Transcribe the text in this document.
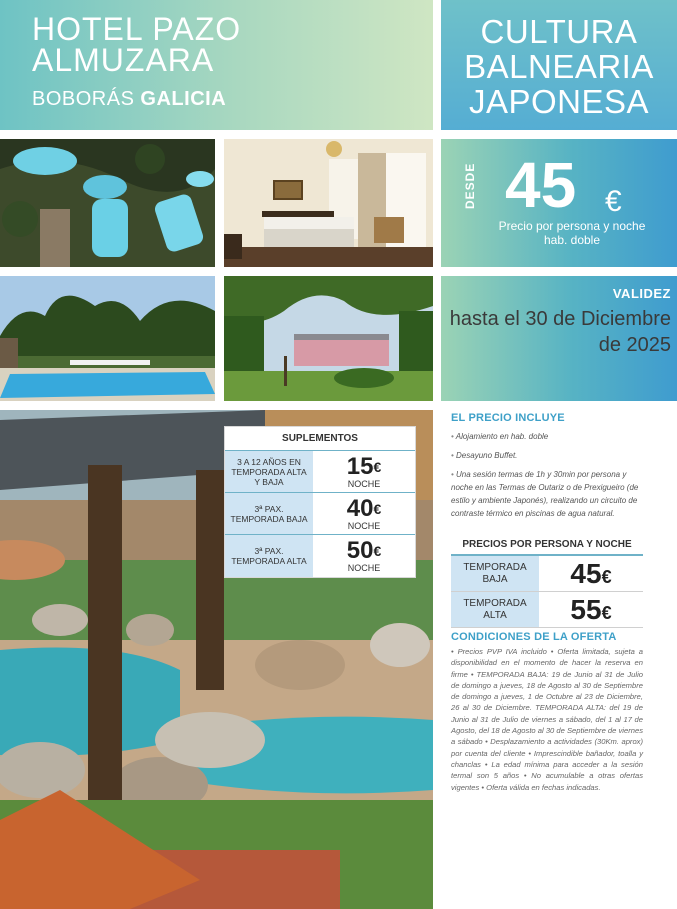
HOTEL PAZO
ALMUZARA
BOBORÁS GALICIA
CULTURA
BALNEARIA
JAPONESA
DESDE 45 €
Precio por persona y noche hab. doble
VALIDEZ
hasta el 30 de Diciembre de 2025
SUPLEMENTOS
3 A 12 AÑOS EN TEMPORADA ALTA Y BAJA
15€
NOCHE
3ª PAX. TEMPORADA BAJA	40€
NOCHE
3ª PAX. TEMPORADA ALTA	50€
NOCHE
EL PRECIO INCLUYE
• Alojamiento en hab. doble
• Desayuno Buffet.
• Una sesión termas de 1h y 30min por persona y noche en las Termas de Outariz o de Prexigueiro (de estilo y ambiente Japonés), realizando un circuito de contraste térmico en piscinas de agua natural.
PRECIOS POR PERSONA Y NOCHE
TEMPORADA BAJA	45€
TEMPORADA ALTA	55€
CONDICIONES DE LA OFERTA
• Precios PVP IVA incluido • Oferta limitada, sujeta a disponibilidad en el momento de hacer la reserva en firme • TEMPORADA BAJA: 19 de Junio al 31 de Julio de domingo a jueves, 18 de Agosto al 30 de Septiembre de domingo a jueves, 1 de Octubre al 23 de Diciembre, 26 al 30 de Diciembre. TEMPORADA ALTA: del 19 de Junio al 31 de Julio de viernes a sábado, del 1 al 17 de Agosto, del 18 de Agosto al 30 de Septiembre de viernes a sábado • Desplazamiento a actividades (30Km. aprox) por cuenta del cliente • Imprescindible bañador, toalla y chanclas • La edad mínima para acceder a la sesión termal son 5 años • No acumulable a otras ofertas vigentes • Oferta válida en fechas indicadas.
